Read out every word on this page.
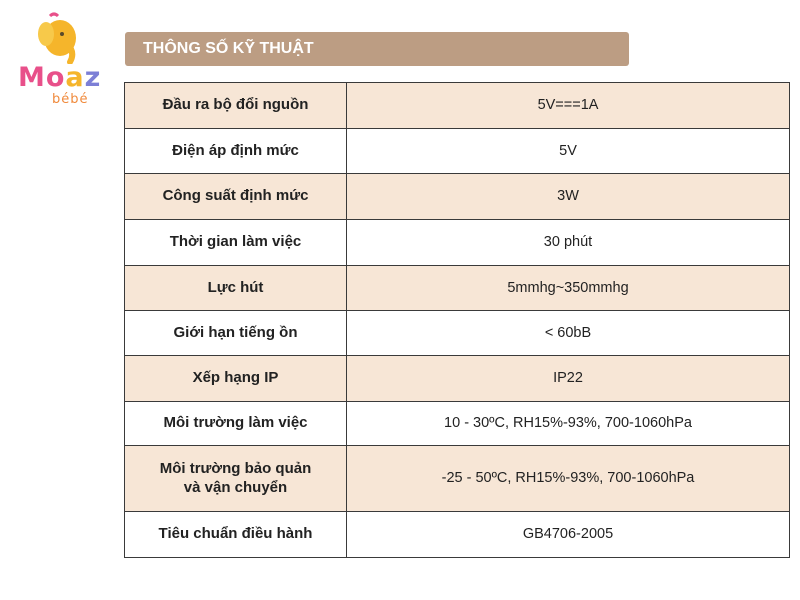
Moaz
bébé
THÔNG SỐ KỸ THUẬT
Đầu ra bộ đổi nguồn	5V===1A
Điện áp định mức	5V
Công suất định mức	3W
Thời gian làm việc	30 phút
Lực hút	5mmhg~350mmhg
Giới hạn tiếng ồn	< 60bB
Xếp hạng IP	IP22
Môi trường làm việc	10 - 30ºC, RH15%-93%, 700-1060hPa
Môi trường bảo quản
và vận chuyển	-25 - 50ºC, RH15%-93%, 700-1060hPa
Tiêu chuẩn điều hành	GB4706-2005
